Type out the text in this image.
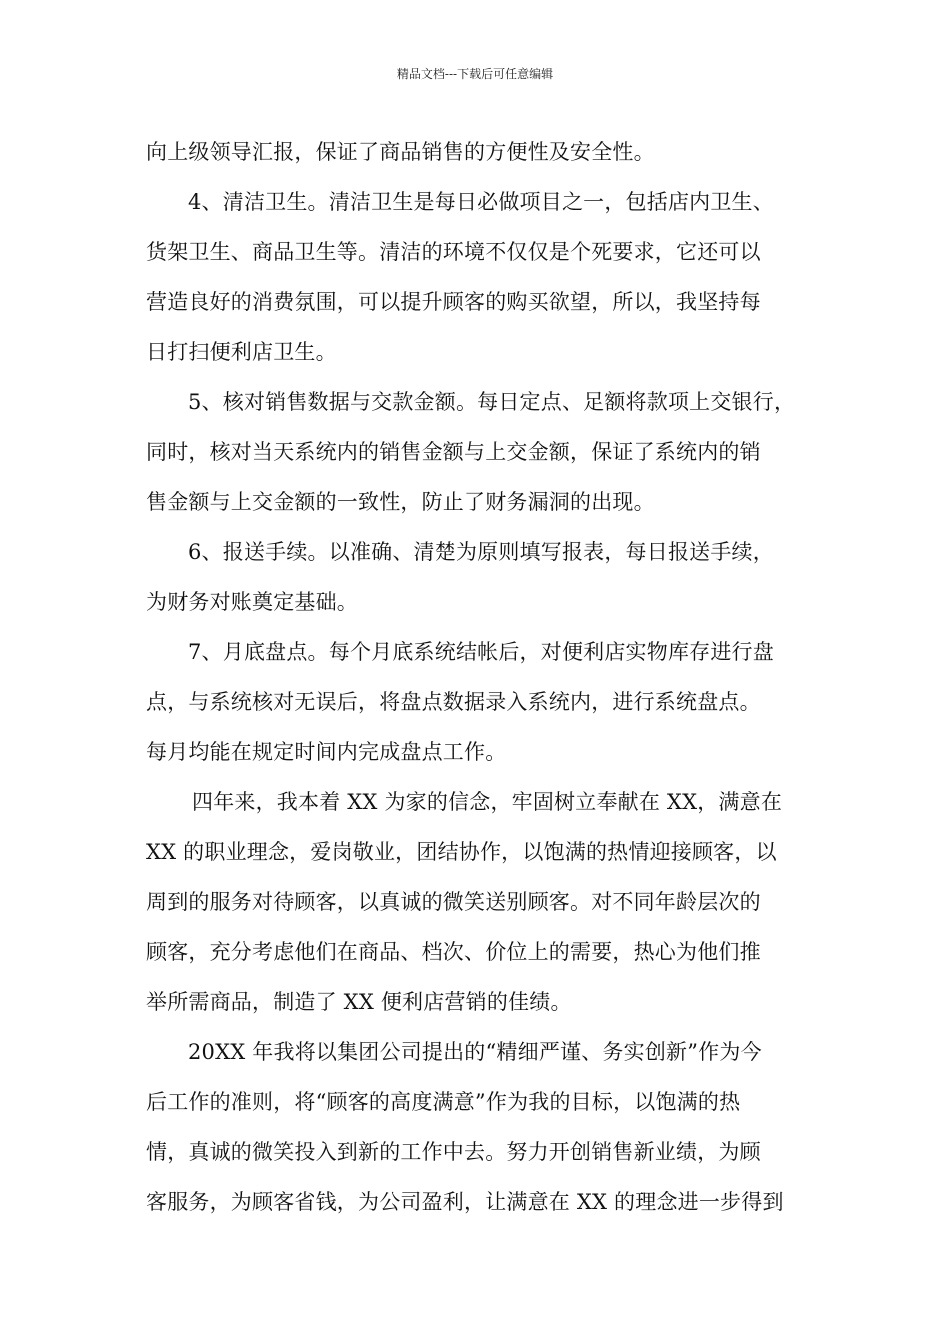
精品文档---下载后可任意编辑
向上级领导汇报，保证了商品销售的方便性及安全性。
4、清洁卫生。清洁卫生是每日必做项目之一，包括店内卫生、
货架卫生、商品卫生等。清洁的环境不仅仅是个死要求，它还可以
营造良好的消费氛围，可以提升顾客的购买欲望，所以，我坚持每
日打扫便利店卫生。
5、核对销售数据与交款金额。每日定点、足额将款项上交银行，
同时，核对当天系统内的销售金额与上交金额，保证了系统内的销
售金额与上交金额的一致性，防止了财务漏洞的出现。
6、报送手续。以准确、清楚为原则填写报表，每日报送手续，
为财务对账奠定基础。
7、月底盘点。每个月底系统结帐后，对便利店实物库存进行盘
点，与系统核对无误后，将盘点数据录入系统内，进行系统盘点。
每月均能在规定时间内完成盘点工作。
四年来，我本着 XX 为家的信念，牢固树立奉献在 XX，满意在
XX 的职业理念，爱岗敬业，团结协作，以饱满的热情迎接顾客，以
周到的服务对待顾客，以真诚的微笑送别顾客。对不同年龄层次的
顾客，充分考虑他们在商品、档次、价位上的需要，热心为他们推
举所需商品，制造了 XX 便利店营销的佳绩。
20XX 年我将以集团公司提出的“精细严谨、务实创新”作为今
后工作的准则，将“顾客的高度满意”作为我的目标，以饱满的热
情，真诚的微笑投入到新的工作中去。努力开创销售新业绩，为顾
客服务，为顾客省钱，为公司盈利，让满意在 XX 的理念进一步得到
